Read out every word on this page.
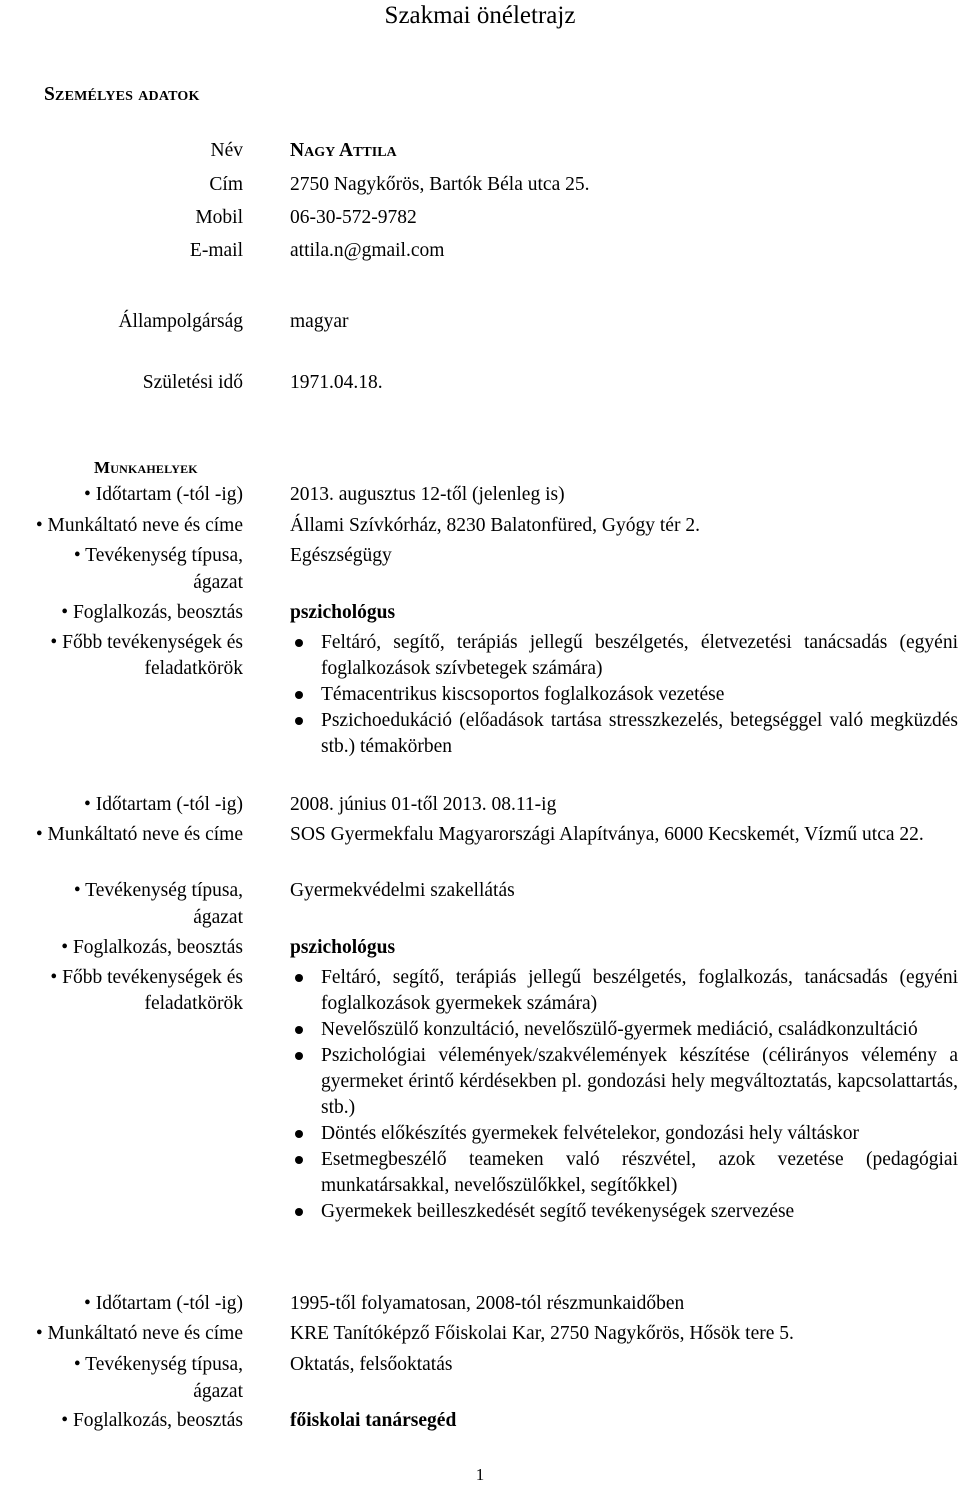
Szakmai önéletrajz
Személyes adatok
Név Nagy Attila
Cím 2750 Nagykőrös, Bartók Béla utca 25.
Mobil 06-30-572-9782
E-mail attila.n@gmail.com
Állampolgárság magyar
Születési idő 1971.04.18.
Munkahelyek
• Időtartam (-tól -ig) 2013. augusztus 12-től (jelenleg is)
• Munkáltató neve és címe Állami Szívkórház, 8230 Balatonfüred, Gyógy tér 2.
• Tevékenység típusa,
ágazat
Egészségügy
• Foglalkozás, beosztás pszichológus
• Főbb tevékenységek és
feladatkörök
Feltáró, segítő, terápiás jellegű beszélgetés, életvezetési tanácsadás (egyéni foglalkozások szívbetegek számára)
Témacentrikus kiscsoportos foglalkozások vezetése
Pszichoedukáció (előadások tartása stresszkezelés, betegséggel való megküzdés stb.) témakörben
• Időtartam (-tól -ig) 2008. június 01-től 2013. 08.11-ig
• Munkáltató neve és címe SOS Gyermekfalu Magyarországi Alapítványa, 6000 Kecskemét, Vízmű utca 22.
• Tevékenység típusa,
ágazat
Gyermekvédelmi szakellátás
• Foglalkozás, beosztás pszichológus
• Főbb tevékenységek és
feladatkörök
Feltáró, segítő, terápiás jellegű beszélgetés, foglalkozás, tanácsadás (egyéni foglalkozások gyermekek számára)
Nevelőszülő konzultáció, nevelőszülő-gyermek mediáció, családkonzultáció
Pszichológiai vélemények/szakvélemények készítése (célirányos vélemény a gyermeket érintő kérdésekben pl. gondozási hely megváltoztatás, kapcsolattartás, stb.)
Döntés előkészítés gyermekek felvételekor, gondozási hely váltáskor
Esetmegbeszélő teameken való részvétel, azok vezetése (pedagógiai munkatársakkal, nevelőszülőkkel, segítőkkel)
Gyermekek beilleszkedését segítő tevékenységek szervezése
• Időtartam (-tól -ig) 1995-től folyamatosan, 2008-tól részmunkaidőben
• Munkáltató neve és címe KRE Tanítóképző Főiskolai Kar, 2750 Nagykőrös, Hősök tere 5.
• Tevékenység típusa,
ágazat
Oktatás, felsőoktatás
• Foglalkozás, beosztás főiskolai tanársegéd
1
